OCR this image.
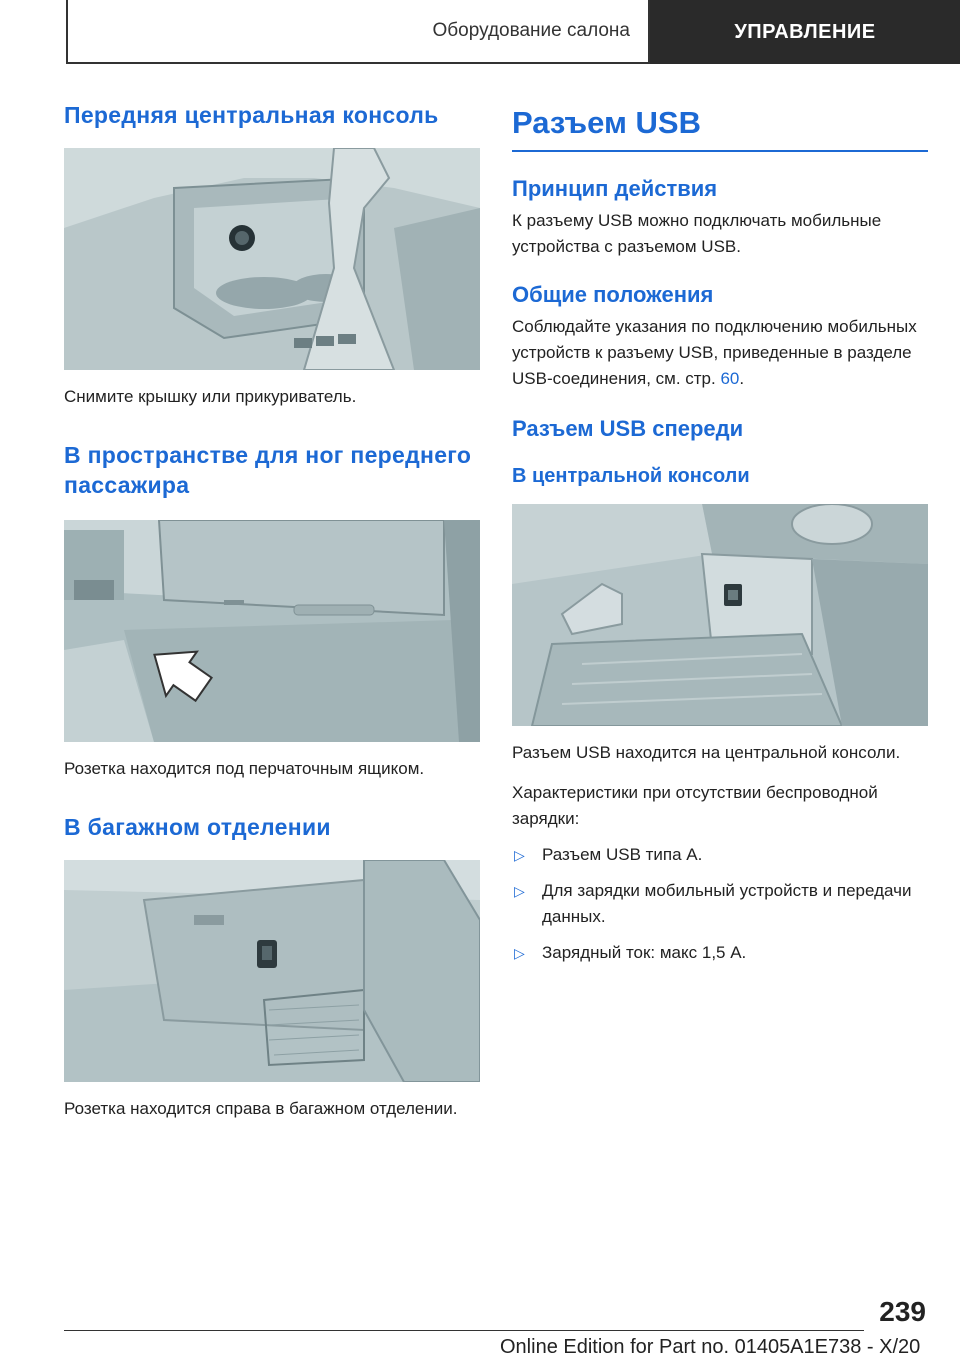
Оборудование салона	УПРАВЛЕНИЕ
Передняя центральная консоль

Снимите крышку или прикуриватель.

В пространстве для ног переднего пассажира

Розетка находится под перчаточным ящиком.

В багажном отделении

Розетка находится справа в багажном отделении.

Разъем USB
Принцип действия

К разъему USB можно подключать мобильные устройства с разъемом USB.

Общие положения

Соблюдайте указания по подключению мобильных устройств к разъему USB, приведенные в разделе USB-соединения, см. стр. 60.

Разъем USB спереди
В центральной консоли

Разъем USB находится на центральной консоли.

Характеристики при отсутствии беспроводной зарядки:

▷ Разъем USB типа A.
▷ Для зарядки мобильный устройств и передачи данных.
▷ Зарядный ток: макс 1,5 A.
239
Online Edition for Part no. 01405A1E738 - X/20
